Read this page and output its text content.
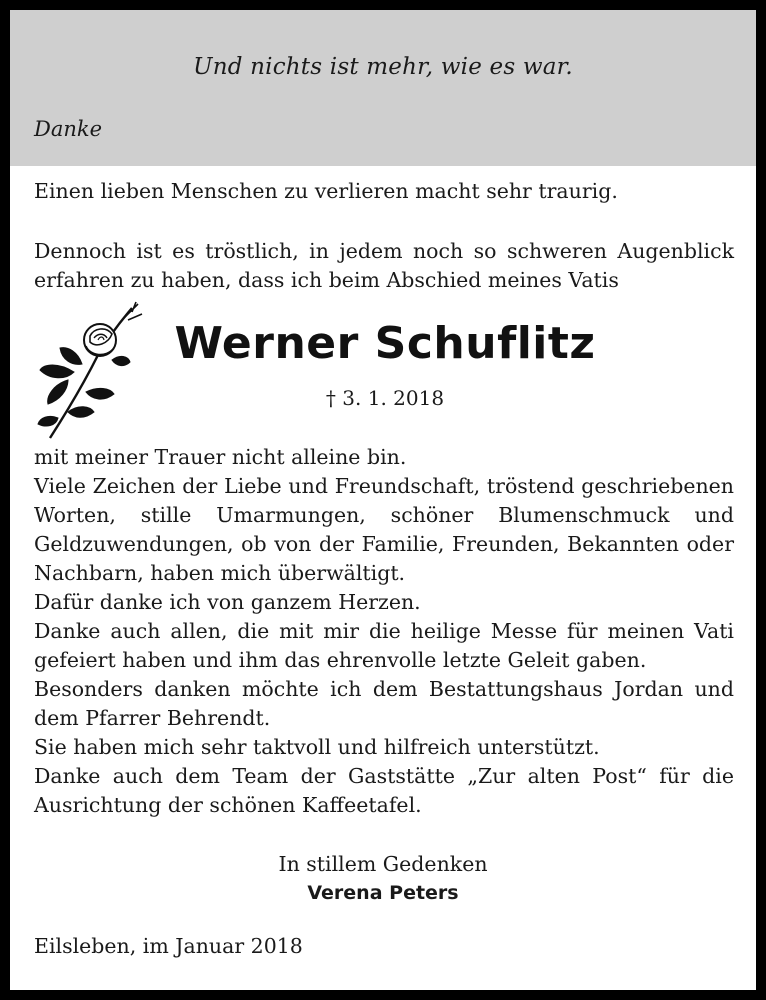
Und nichts ist mehr, wie es war.
Danke
Einen lieben Menschen zu verlieren macht sehr traurig.
Dennoch ist es tröstlich, in jedem noch so schweren Augenblick erfahren zu haben, dass ich beim Abschied meines Vatis
Werner Schuflitz
† 3. 1. 2018
mit meiner Trauer nicht alleine bin.
Viele Zeichen der Liebe und Freundschaft, tröstend geschriebenen Worten, stille Umarmungen, schöner Blumenschmuck und Geldzuwendungen, ob von der Familie, Freunden, Bekannten oder Nachbarn, haben mich überwältigt.
Dafür danke ich von ganzem Herzen.
Danke auch allen, die mit mir die heilige Messe für meinen Vati gefeiert haben und ihm das ehrenvolle letzte Geleit gaben.
Besonders danken möchte ich dem Bestattungshaus Jordan und dem Pfarrer Behrendt.
Sie haben mich sehr taktvoll und hilfreich unterstützt.
Danke auch dem Team der Gaststätte „Zur alten Post“ für die Ausrichtung der schönen Kaffeetafel.
In stillem Gedenken
Verena Peters
Eilsleben, im Januar 2018
